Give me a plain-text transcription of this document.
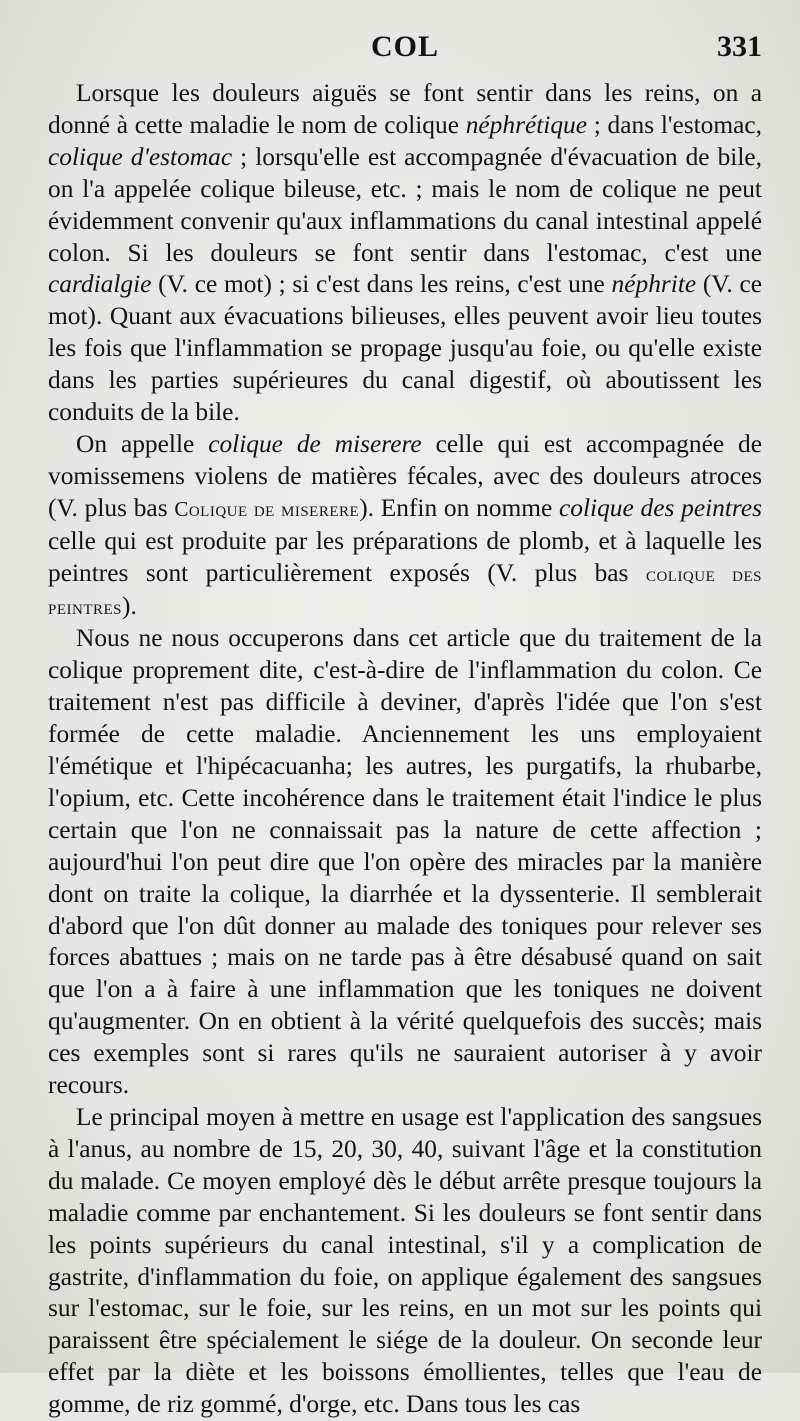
COL	331

Lorsque les douleurs aiguës se font sentir dans les reins, on a donné à cette maladie le nom de colique néphrétique ; dans l'estomac, colique d'estomac ; lorsqu'elle est accompagnée d'évacuation de bile, on l'a appelée colique bileuse, etc. ; mais le nom de colique ne peut évidemment convenir qu'aux inflammations du canal intestinal appelé colon. Si les douleurs se font sentir dans l'estomac, c'est une cardialgie (V. ce mot) ; si c'est dans les reins, c'est une néphrite (V. ce mot). Quant aux évacuations bilieuses, elles peuvent avoir lieu toutes les fois que l'inflammation se propage jusqu'au foie, ou qu'elle existe dans les parties supérieures du canal digestif, où aboutissent les conduits de la bile.

On appelle colique de miserere celle qui est accompagnée de vomissemens violens de matières fécales, avec des douleurs atroces (V. plus bas Colique de miserere). Enfin on nomme colique des peintres celle qui est produite par les préparations de plomb, et à laquelle les peintres sont particulièrement exposés (V. plus bas colique des peintres).

Nous ne nous occuperons dans cet article que du traitement de la colique proprement dite, c'est-à-dire de l'inflammation du colon. Ce traitement n'est pas difficile à deviner, d'après l'idée que l'on s'est formée de cette maladie. Anciennement les uns employaient l'émétique et l'hipécacuanha; les autres, les purgatifs, la rhubarbe, l'opium, etc. Cette incohérence dans le traitement était l'indice le plus certain que l'on ne connaissait pas la nature de cette affection ; aujourd'hui l'on peut dire que l'on opère des miracles par la manière dont on traite la colique, la diarrhée et la dyssenterie. Il semblerait d'abord que l'on dût donner au malade des toniques pour relever ses forces abattues ; mais on ne tarde pas à être désabusé quand on sait que l'on a à faire à une inflammation que les toniques ne doivent qu'augmenter. On en obtient à la vérité quelquefois des succès; mais ces exemples sont si rares qu'ils ne sauraient autoriser à y avoir recours.

Le principal moyen à mettre en usage est l'application des sangsues à l'anus, au nombre de 15, 20, 30, 40, suivant l'âge et la constitution du malade. Ce moyen employé dès le début arrête presque toujours la maladie comme par enchantement. Si les douleurs se font sentir dans les points supérieurs du canal intestinal, s'il y a complication de gastrite, d'inflammation du foie, on applique également des sangsues sur l'estomac, sur le foie, sur les reins, en un mot sur les points qui paraissent être spécialement le siége de la douleur. On seconde leur effet par la diète et les boissons émollientes, telles que l'eau de gomme, de riz gommé, d'orge, etc. Dans tous les cas
